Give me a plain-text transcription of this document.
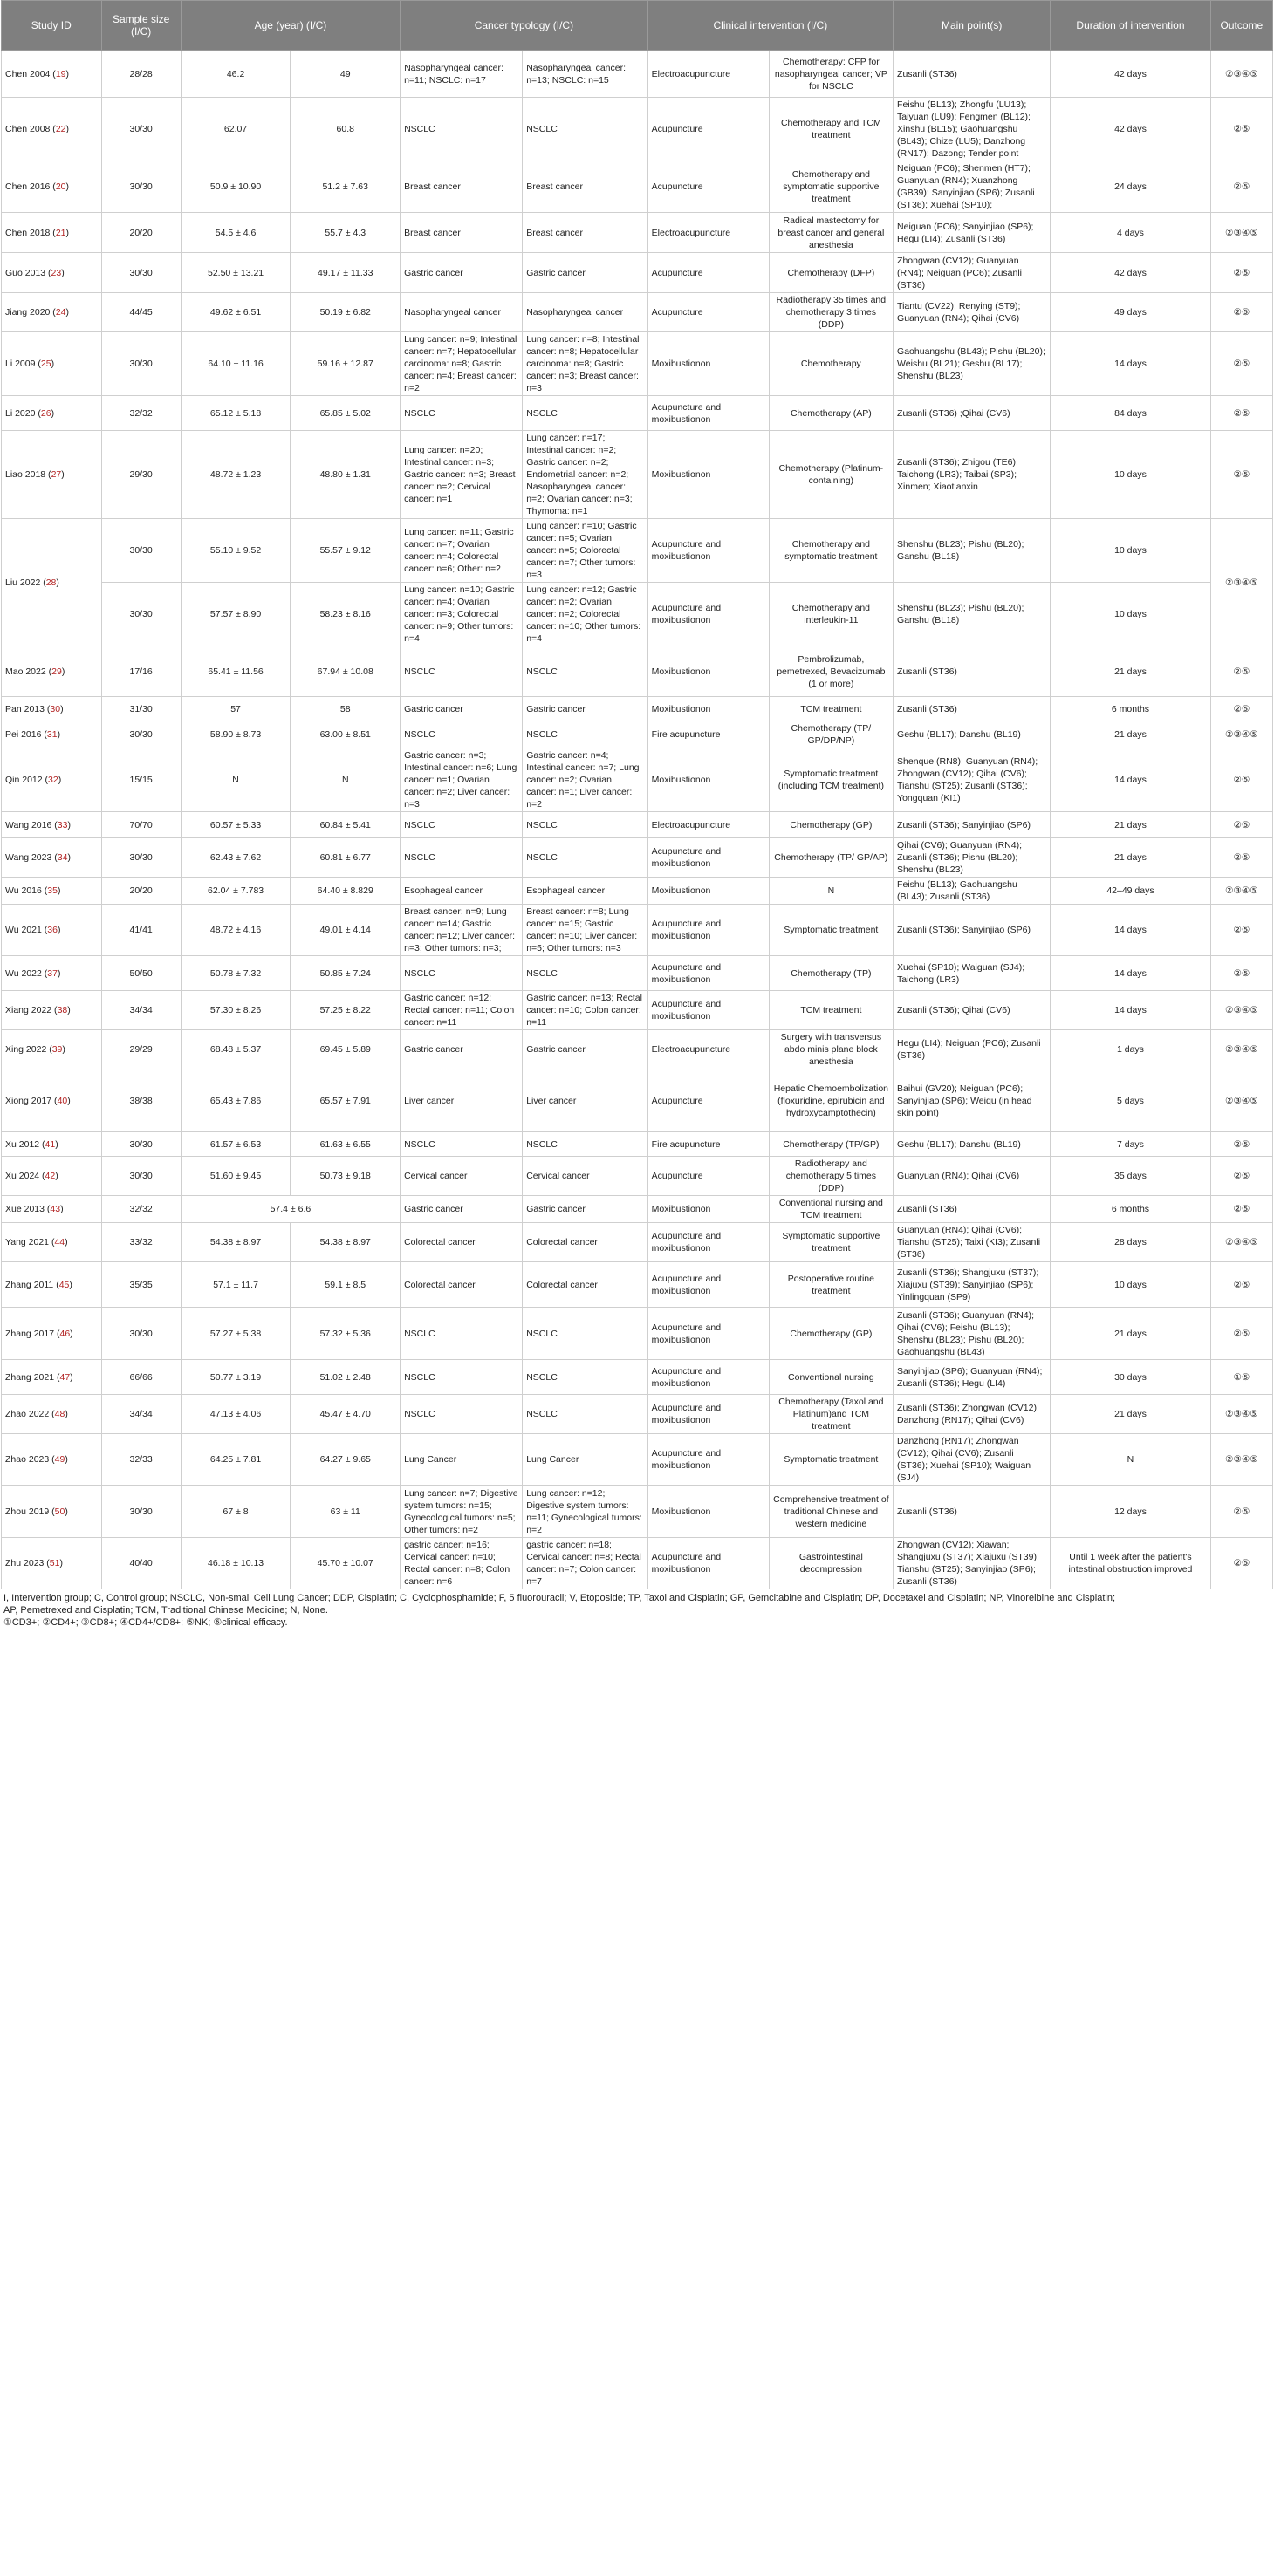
Study ID	Sample size (I/C)	Age (year) (I/C)		Cancer typology (I/C)		Clinical intervention (I/C)		Main point(s)	Duration of intervention	Outcome
Chen 2004 (19)	28/28	46.2	49	Nasopharyngeal cancer: n=11; NSCLC: n=17	Nasopharyngeal cancer: n=13; NSCLC: n=15	Electroacupuncture	Chemotherapy: CFP for nasopharyngeal cancer; VP for NSCLC	Zusanli (ST36)	42 days	②③④⑤
Chen 2008 (22)	30/30	62.07	60.8	NSCLC	NSCLC	Acupuncture	Chemotherapy and TCM treatment	Feishu (BL13); Zhongfu (LU13); Taiyuan (LU9); Fengmen (BL12); Xinshu (BL15); Gaohuangshu (BL43); Chize (LU5); Danzhong (RN17); Dazong; Tender point	42 days	②⑤
Chen 2016 (20)	30/30	50.9 ± 10.90	51.2 ± 7.63	Breast cancer	Breast cancer	Acupuncture	Chemotherapy and symptomatic supportive treatment	Neiguan (PC6); Shenmen (HT7); Guanyuan (RN4); Xuanzhong (GB39); Sanyinjiao (SP6); Zusanli (ST36); Xuehai (SP10);	24 days	②⑤
Chen 2018 (21)	20/20	54.5 ± 4.6	55.7 ± 4.3	Breast cancer	Breast cancer	Electroacupuncture	Radical mastectomy for breast cancer and general anesthesia	Neiguan (PC6); Sanyinjiao (SP6); Hegu (LI4); Zusanli (ST36)	4 days	②③④⑤
Guo 2013 (23)	30/30	52.50 ± 13.21	49.17 ± 11.33	Gastric cancer	Gastric cancer	Acupuncture	Chemotherapy (DFP)	Zhongwan (CV12); Guanyuan (RN4); Neiguan (PC6); Zusanli (ST36)	42 days	②⑤
Jiang 2020 (24)	44/45	49.62 ± 6.51	50.19 ± 6.82	Nasopharyngeal cancer	Nasopharyngeal cancer	Acupuncture	Radiotherapy 35 times and chemotherapy 3 times (DDP)	Tiantu (CV22); Renying (ST9); Guanyuan (RN4); Qihai (CV6)	49 days	②⑤
Li 2009 (25)	30/30	64.10 ± 11.16	59.16 ± 12.87	Lung cancer: n=9; Intestinal cancer: n=7; Hepatocellular carcinoma: n=8; Gastric cancer: n=4; Breast cancer: n=2	Lung cancer: n=8; Intestinal cancer: n=8; Hepatocellular carcinoma: n=8; Gastric cancer: n=3; Breast cancer: n=3	Moxibustionon	Chemotherapy	Gaohuangshu (BL43); Pishu (BL20); Weishu (BL21); Geshu (BL17); Shenshu (BL23)	14 days	②⑤
Li 2020 (26)	32/32	65.12 ± 5.18	65.85 ± 5.02	NSCLC	NSCLC	Acupuncture and moxibustionon	Chemotherapy (AP)	Zusanli (ST36) ;Qihai (CV6)	84 days	②⑤
Liao 2018 (27)	29/30	48.72 ± 1.23	48.80 ± 1.31	Lung cancer: n=20; Intestinal cancer: n=3; Gastric cancer: n=3; Breast cancer: n=2; Cervical cancer: n=1	Lung cancer: n=17; Intestinal cancer: n=2; Gastric cancer: n=2; Endometrial cancer: n=2; Nasopharyngeal cancer: n=2; Ovarian cancer: n=3; Thymoma: n=1	Moxibustionon	Chemotherapy (Platinum-containing)	Zusanli (ST36); Zhigou (TE6); Taichong (LR3); Taibai (SP3); Xinmen; Xiaotianxin	10 days	②⑤
Liu 2022 (28)	30/30	55.10 ± 9.52	55.57 ± 9.12	Lung cancer: n=11; Gastric cancer: n=7; Ovarian cancer: n=4; Colorectal cancer: n=6; Other: n=2	Lung cancer: n=10; Gastric cancer: n=5; Ovarian cancer: n=5; Colorectal cancer: n=7; Other tumors: n=3	Acupuncture and moxibustionon	Chemotherapy and symptomatic treatment	Shenshu (BL23); Pishu (BL20); Ganshu (BL18)	10 days	②③④⑤
	30/30	57.57 ± 8.90	58.23 ± 8.16	Lung cancer: n=10; Gastric cancer: n=4; Ovarian cancer: n=3; Colorectal cancer: n=9; Other tumors: n=4	Lung cancer: n=12; Gastric cancer: n=2; Ovarian cancer: n=2; Colorectal cancer: n=10; Other tumors: n=4	Acupuncture and moxibustionon	Chemotherapy and interleukin-11	Shenshu (BL23); Pishu (BL20); Ganshu (BL18)	10 days	
Mao 2022 (29)	17/16	65.41 ± 11.56	67.94 ± 10.08	NSCLC	NSCLC	Moxibustionon	Pembrolizumab, pemetrexed, Bevacizumab (1 or more)	Zusanli (ST36)	21 days	②⑤
Pan 2013 (30)	31/30	57	58	Gastric cancer	Gastric cancer	Moxibustionon	TCM treatment	Zusanli (ST36)	6 months	②⑤
Pei 2016 (31)	30/30	58.90 ± 8.73	63.00 ± 8.51	NSCLC	NSCLC	Fire acupuncture	Chemotherapy (TP/ GP/DP/NP)	Geshu (BL17); Danshu (BL19)	21 days	②③④⑤
Qin 2012 (32)	15/15	N	N	Gastric cancer: n=3; Intestinal cancer: n=6; Lung cancer: n=1; Ovarian cancer: n=2; Liver cancer: n=3	Gastric cancer: n=4; Intestinal cancer: n=7; Lung cancer: n=2; Ovarian cancer: n=1; Liver cancer: n=2	Moxibustionon	Symptomatic treatment (including TCM treatment)	Shenque (RN8); Guanyuan (RN4); Zhongwan (CV12); Qihai (CV6); Tianshu (ST25); Zusanli (ST36); Yongquan (KI1)	14 days	②⑤
Wang 2016 (33)	70/70	60.57 ± 5.33	60.84 ± 5.41	NSCLC	NSCLC	Electroacupuncture	Chemotherapy (GP)	Zusanli (ST36); Sanyinjiao (SP6)	21 days	②⑤
Wang 2023 (34)	30/30	62.43 ± 7.62	60.81 ± 6.77	NSCLC	NSCLC	Acupuncture and moxibustionon	Chemotherapy (TP/ GP/AP)	Qihai (CV6); Guanyuan (RN4); Zusanli (ST36); Pishu (BL20); Shenshu (BL23)	21 days	②⑤
Wu 2016 (35)	20/20	62.04 ± 7.783	64.40 ± 8.829	Esophageal cancer	Esophageal cancer	Moxibustionon	N	Feishu (BL13); Gaohuangshu (BL43); Zusanli (ST36)	42–49 days	②③④⑤
Wu 2021 (36)	41/41	48.72 ± 4.16	49.01 ± 4.14	Breast cancer: n=9; Lung cancer: n=14; Gastric cancer: n=12; Liver cancer: n=3; Other tumors: n=3;	Breast cancer: n=8; Lung cancer: n=15; Gastric cancer: n=10; Liver cancer: n=5; Other tumors: n=3	Acupuncture and moxibustionon	Symptomatic treatment	Zusanli (ST36); Sanyinjiao (SP6)	14 days	②⑤
Wu 2022 (37)	50/50	50.78 ± 7.32	50.85 ± 7.24	NSCLC	NSCLC	Acupuncture and moxibustionon	Chemotherapy (TP)	Xuehai (SP10); Waiguan (SJ4); Taichong (LR3)	14 days	②⑤
Xiang 2022 (38)	34/34	57.30 ± 8.26	57.25 ± 8.22	Gastric cancer: n=12; Rectal cancer: n=11; Colon cancer: n=11	Gastric cancer: n=13; Rectal cancer: n=10; Colon cancer: n=11	Acupuncture and moxibustionon	TCM treatment	Zusanli (ST36); Qihai (CV6)	14 days	②③④⑤
Xing 2022 (39)	29/29	68.48 ± 5.37	69.45 ± 5.89	Gastric cancer	Gastric cancer	Electroacupuncture	Surgery with transversus abdo minis plane block anesthesia	Hegu (LI4); Neiguan (PC6); Zusanli (ST36)	1 days	②③④⑤
Xiong 2017 (40)	38/38	65.43 ± 7.86	65.57 ± 7.91	Liver cancer	Liver cancer	Acupuncture	Hepatic Chemoembolization (floxuridine, epirubicin and hydroxycamptothecin)	Baihui (GV20); Neiguan (PC6); Sanyinjiao (SP6); Weiqu (in head skin point)	5 days	②③④⑤
Xu 2012 (41)	30/30	61.57 ± 6.53	61.63 ± 6.55	NSCLC	NSCLC	Fire acupuncture	Chemotherapy (TP/GP)	Geshu (BL17); Danshu (BL19)	7 days	②⑤
Xu 2024 (42)	30/30	51.60 ± 9.45	50.73 ± 9.18	Cervical cancer	Cervical cancer	Acupuncture	Radiotherapy and chemotherapy 5 times (DDP)	Guanyuan (RN4); Qihai (CV6)	35 days	②⑤
Xue 2013 (43)	32/32	57.4 ± 6.6		Gastric cancer	Gastric cancer	Moxibustionon	Conventional nursing and TCM treatment	Zusanli (ST36)	6 months	②⑤
Yang 2021 (44)	33/32	54.38 ± 8.97	54.38 ± 8.97	Colorectal cancer	Colorectal cancer	Acupuncture and moxibustionon	Symptomatic supportive treatment	Guanyuan (RN4); Qihai (CV6); Tianshu (ST25); Taixi (KI3); Zusanli (ST36)	28 days	②③④⑤
Zhang 2011 (45)	35/35	57.1 ± 11.7	59.1 ± 8.5	Colorectal cancer	Colorectal cancer	Acupuncture and moxibustionon	Postoperative routine treatment	Zusanli (ST36); Shangjuxu (ST37); Xiajuxu (ST39); Sanyinjiao (SP6); Yinlingquan (SP9)	10 days	②⑤
Zhang 2017 (46)	30/30	57.27 ± 5.38	57.32 ± 5.36	NSCLC	NSCLC	Acupuncture and moxibustionon	Chemotherapy (GP)	Zusanli (ST36); Guanyuan (RN4); Qihai (CV6); Feishu (BL13); Shenshu (BL23); Pishu (BL20); Gaohuangshu (BL43)	21 days	②⑤
Zhang 2021 (47)	66/66	50.77 ± 3.19	51.02 ± 2.48	NSCLC	NSCLC	Acupuncture and moxibustionon	Conventional nursing	Sanyinjiao (SP6); Guanyuan (RN4); Zusanli (ST36); Hegu (LI4)	30 days	①⑤
Zhao 2022 (48)	34/34	47.13 ± 4.06	45.47 ± 4.70	NSCLC	NSCLC	Acupuncture and moxibustionon	Chemotherapy (Taxol and Platinum)and TCM treatment	Zusanli (ST36); Zhongwan (CV12); Danzhong (RN17); Qihai (CV6)	21 days	②③④⑤
Zhao 2023 (49)	32/33	64.25 ± 7.81	64.27 ± 9.65	Lung Cancer	Lung Cancer	Acupuncture and moxibustionon	Symptomatic treatment	Danzhong (RN17); Zhongwan (CV12); Qihai (CV6); Zusanli (ST36); Xuehai (SP10); Waiguan (SJ4)	N	②③④⑤
Zhou 2019 (50)	30/30	67 ± 8	63 ± 11	Lung cancer: n=7; Digestive system tumors: n=15; Gynecological tumors: n=5; Other tumors: n=2	Lung cancer: n=12; Digestive system tumors: n=11; Gynecological tumors: n=2	Moxibustionon	Comprehensive treatment of traditional Chinese and western medicine	Zusanli (ST36)	12 days	②⑤
Zhu 2023 (51)	40/40	46.18 ± 10.13	45.70 ± 10.07	gastric cancer: n=16; Cervical cancer: n=10; Rectal cancer: n=8; Colon cancer: n=6	gastric cancer: n=18; Cervical cancer: n=8; Rectal cancer: n=7; Colon cancer: n=7	Acupuncture and moxibustionon	Gastrointestinal decompression	Zhongwan (CV12); Xiawan; Shangjuxu (ST37); Xiajuxu (ST39); Tianshu (ST25); Sanyinjiao (SP6); Zusanli (ST36)	Until 1 week after the patient's intestinal obstruction improved	②⑤
I, Intervention group; C, Control group; NSCLC, Non-small Cell Lung Cancer; DDP, Cisplatin; C, Cyclophosphamide; F, 5 fluorouracil; V, Etoposide; TP, Taxol and Cisplatin; GP, Gemcitabine and Cisplatin; DP, Docetaxel and Cisplatin; NP, Vinorelbine and Cisplatin;
AP, Pemetrexed and Cisplatin; TCM, Traditional Chinese Medicine; N, None.
①CD3+; ②CD4+; ③CD8+; ④CD4+/CD8+; ⑤NK; ⑥clinical efficacy.
